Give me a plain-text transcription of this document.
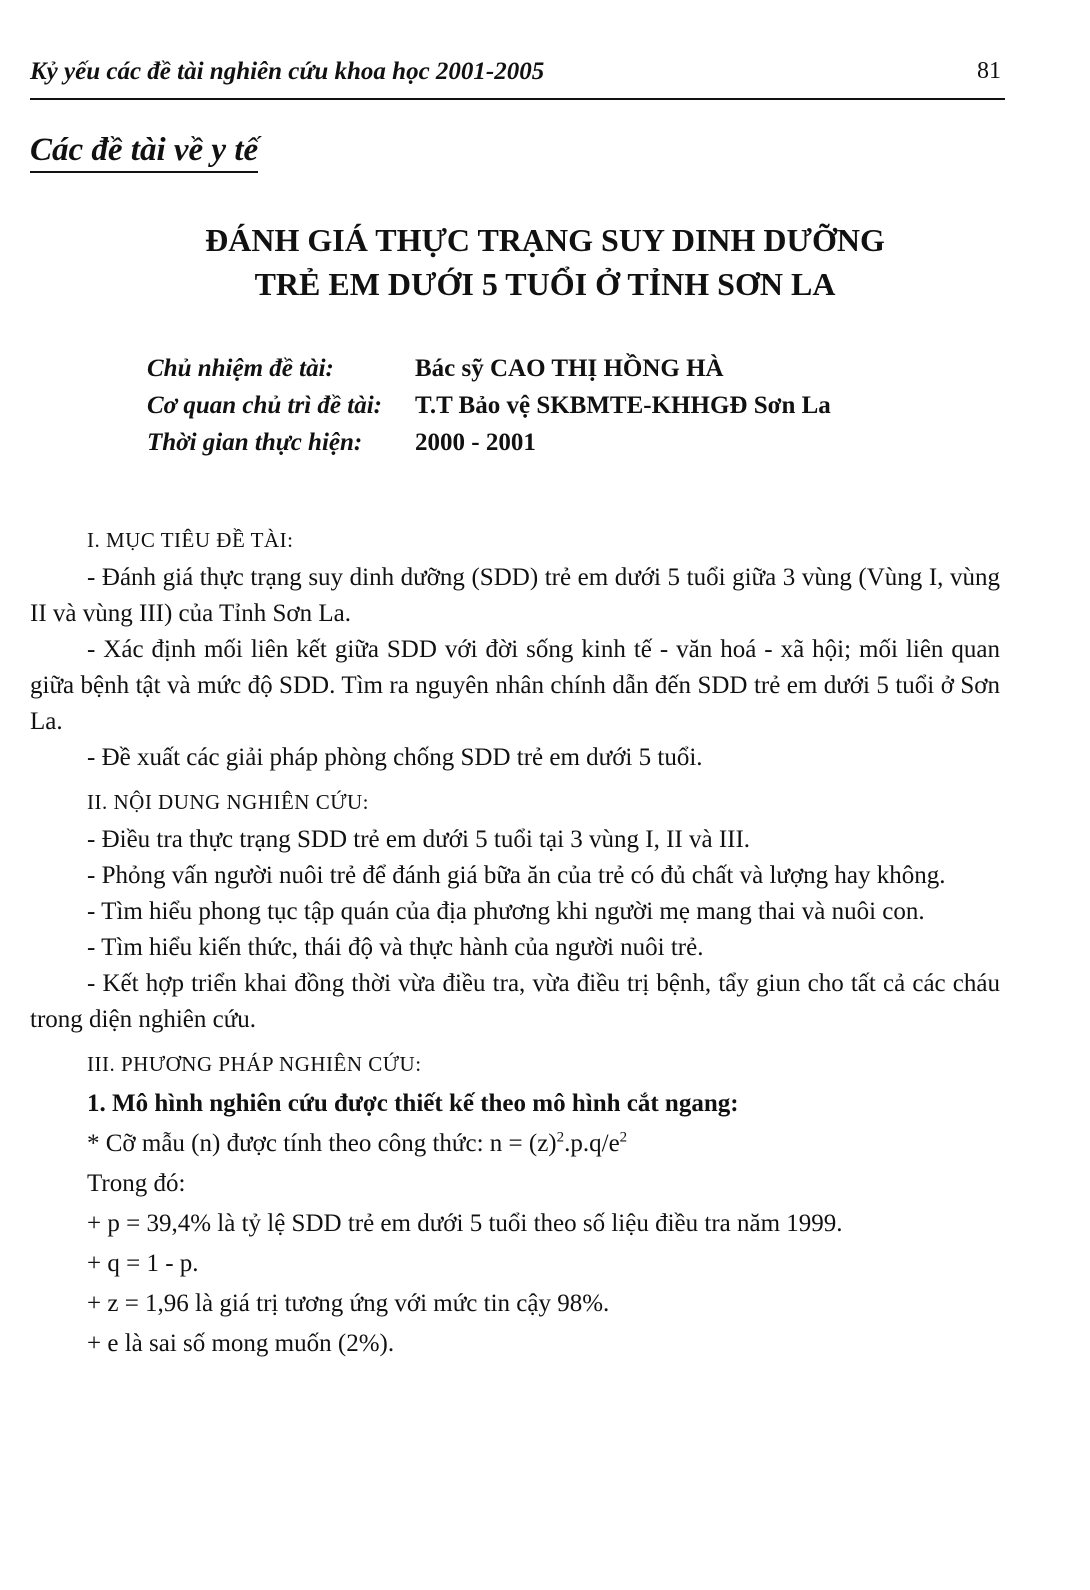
Kỷ yếu các đề tài nghiên cứu khoa học 2001-2005	81
Các đề tài về y tế
ĐÁNH GIÁ THỰC TRẠNG SUY DINH DƯỠNG
TRẺ EM DƯỚI 5 TUỔI Ở TỈNH SƠN LA
Chủ nhiệm đề tài:	Bác sỹ CAO THỊ HỒNG HÀ
Cơ quan chủ trì đề tài:	T.T Bảo vệ SKBMTE-KHHGĐ Sơn La
Thời gian thực hiện:	2000 - 2001

I. MỤC TIÊU ĐỀ TÀI:

- Đánh giá thực trạng suy dinh dưỡng (SDD) trẻ em dưới 5 tuổi giữa 3 vùng (Vùng I, vùng II và vùng III) của Tỉnh Sơn La.

- Xác định mối liên kết giữa SDD với đời sống kinh tế - văn hoá - xã hội; mối liên quan giữa bệnh tật và mức độ SDD. Tìm ra nguyên nhân chính dẫn đến SDD trẻ em dưới 5 tuổi ở Sơn La.

- Đề xuất các giải pháp phòng chống SDD trẻ em dưới 5 tuổi.

II. NỘI DUNG NGHIÊN CỨU:

- Điều tra thực trạng SDD trẻ em dưới 5 tuổi tại 3 vùng I, II và III.

- Phỏng vấn người nuôi trẻ để đánh giá bữa ăn của trẻ có đủ chất và lượng hay không.

- Tìm hiểu phong tục tập quán của địa phương khi người mẹ mang thai và nuôi con.

- Tìm hiểu kiến thức, thái độ và thực hành của người nuôi trẻ.

- Kết hợp triển khai đồng thời vừa điều tra, vừa điều trị bệnh, tẩy giun cho tất cả các cháu trong diện nghiên cứu.

III. PHƯƠNG PHÁP NGHIÊN CỨU:

1. Mô hình nghiên cứu được thiết kế theo mô hình cắt ngang:

* Cỡ mẫu (n) được tính theo công thức: $n = (z)^2.p.q/e^2$

Trong đó:

+ p = 39,4% là tỷ lệ SDD trẻ em dưới 5 tuổi theo số liệu điều tra năm 1999.

+ q = 1 - p.

+ z = 1,96 là giá trị tương ứng với mức tin cậy 98%.

+ e là sai số mong muốn (2%).
